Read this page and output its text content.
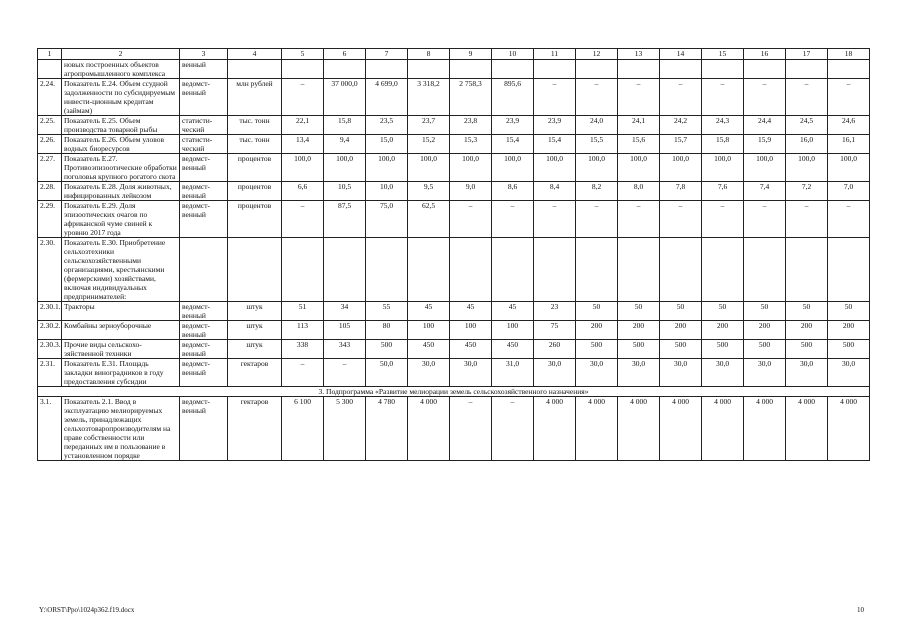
1	2	3	4	5	6	7	8	9	10	11	12	13	14	15	16	17	18
	новых построенных объектов агропромышленного комплекса	венный															
2.24.	Показатель Е.24. Объем ссудной задолженности по субсидируемым инвести-ционным кредитам (займам)	ведомст-венный	млн рублей	–	37 000,0	4 699,0	3 318,2	2 758,3	895,6	–	–	–	–	–	–	–	–
2.25.	Показатель Е.25. Объем производства товарной рыбы	статисти-ческий	тыс. тонн	22,1	15,8	23,5	23,7	23,8	23,9	23,9	24,0	24,1	24,2	24,3	24,4	24,5	24,6
2.26.	Показатель Е.26. Объем уловов водных биоресурсов	статисти-ческий	тыс. тонн	13,4	9,4	15,0	15,2	15,3	15,4	15,4	15,5	15,6	15,7	15,8	15,9	16,0	16,1
2.27.	Показатель Е.27. Противоэпизоотические обработки поголовья крупного рогатого скота	ведомст-венный	процентов	100,0	100,0	100,0	100,0	100,0	100,0	100,0	100,0	100,0	100,0	100,0	100,0	100,0	100,0
2.28.	Показатель Е.28. Доля животных, инфицированных лейкозом	ведомст-венный	процентов	6,6	10,5	10,0	9,5	9,0	8,6	8,4	8,2	8,0	7,8	7,6	7,4	7,2	7,0
2.29.	Показатель Е.29. Доля эпизоотических очагов по африканской чуме свиней к уровню 2017 года	ведомст-венный	процентов	–	87,5	75,0	62,5	–	–	–	–	–	–	–	–	–	–
2.30.	Показатель Е.30. Приобретение сельхозтехники сельскохозяйственными организациями, крестьянскими (фермерскими) хозяйствами, включая индивидуальных предпринимателей:																
2.30.1.	Тракторы	ведомст-венный	штук	51	34	55	45	45	45	23	50	50	50	50	50	50	50
2.30.2.	Комбайны зерноуборочные	ведомст-венный	штук	113	105	80	100	100	100	75	200	200	200	200	200	200	200
2.30.3.	Прочие виды сельскохо-зяйственной техники	ведомст-венный	штук	338	343	500	450	450	450	260	500	500	500	500	500	500	500
2.31.	Показатель Е.31. Площадь закладки виноградников в году предоставления субсидии	ведомст-венный	гектаров	–	–	50,0	30,0	30,0	31,0	30,0	30,0	30,0	30,0	30,0	30,0	30,0	30,0
3. Подпрограмма «Развитие мелиорации земель сельскохозяйственного назначения»																	
3.1.	Показатель 2.1. Ввод в эксплуатацию мелиорируемых земель, принадлежащих сельхозтоваропроизводителям на праве собственности или переданных им в пользование в установленном порядке	ведомст-венный	гектаров	6 100	5 300	4 780	4 000	–	–	4 000	4 000	4 000	4 000	4 000	4 000	4 000	4 000
Y:\ORST\Ppo\1024p362.f19.docx	10
